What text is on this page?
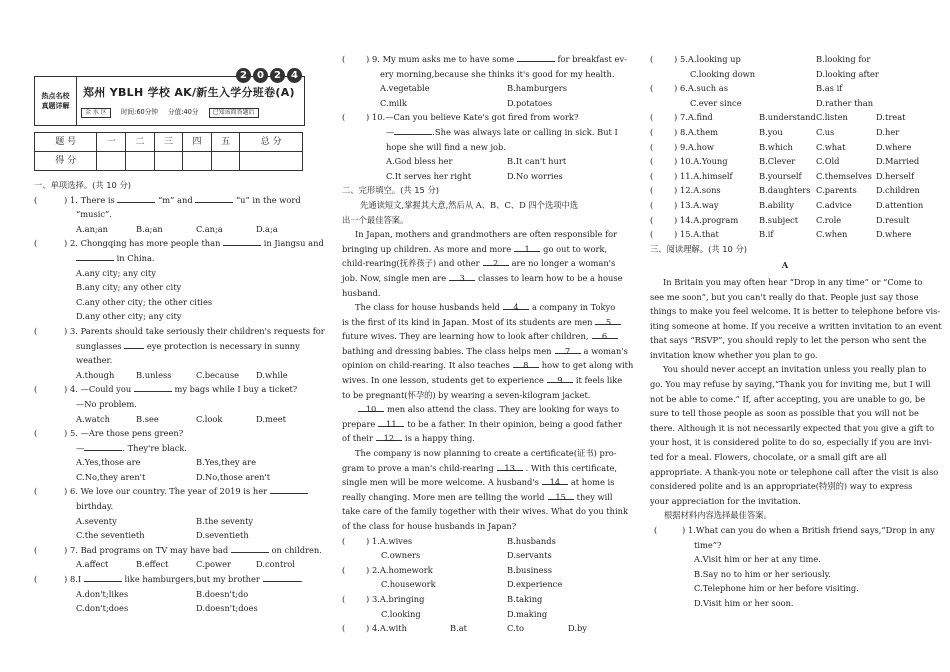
热点名校
真题详解
郑州 YBLH 学校 AK/新生入学分班卷(A)
金 水 区 时间:60分钟 分值:40分 已知该简答题后
2	0	2	4
题 号	一	二	三	四	五	总 分
得 分						
一、单项选择。(共 10 分)
(	) 1. There is	“m” and	“u” in the word
“music”.
A.an;an	B.a;an	C.an;a	D.a;a
(	) 2. Chongqing has more people than	in Jiangsu and
in China.
A.any city; any city
B.any city; any other city
C.any other city; the other cities
D.any other city; any city
(	) 3. Parents should take seriously their children's requests for
sunglasses	eye protection is necessary in sunny
weather.
A.though	B.unless	C.because D.while
(	) 4. —Could you	my bags while I buy a ticket?
—No problem.
A.watch	B.see	C.look	D.meet
(	) 5. —Are those pens green?
—	. They're black.
A.Yes,those are	B.Yes,they are
C.No,they aren't	D.No,those aren't
(	) 6. We love our country. The year of 2019 is her
birthday.
A.seventy	B.the seventy
C.the seventieth	D.seventieth
(	) 7. Bad programs on TV may have bad	on children.
A.affect	B.effect	C.power	D.control
(	) 8.I	like hamburgers,but my brother	.
A.don't;likes	B.doesn't;do
C.don't;does	D.doesn't;does
(	) 9. My mum asks me to have some	for breakfast ev-
ery morning,because she thinks it's good for my health.
A.vegetable	B.hamburgers
C.milk	D.potatoes
(	) 10.—Can you believe Kate's got fired from work?
—	.She was always late or calling in sick. But I
hope she will find a new job.
A.God bless her	B.It can't hurt
C.It serves her right	D.No worries
二、完形填空。(共 15 分)
先通读短文,掌握其大意,然后从 A、B、C、D 四个选项中选
出一个最佳答案。
In Japan, mothers and grandmothers are often responsible for
bringing up children. As more and more 1 go out to work,
child-rearing(抚养孩子) and other 2 are no longer a woman's
job. Now, single men are 3 classes to learn how to be a house
husband.
The class for house husbands held 4 a company in Tokyo
is the first of its kind in Japan. Most of its students are men 5
future wives. They are learning how to look after children, 6
bathing and dressing babies. The class helps men 7 a woman's
opinion on child-rearing. It also teaches 8 how to get along with
wives. In one lesson, students get to experience 9 it feels like
to be pregnant(怀孕的) by wearing a seven-kilogram jacket.
10 men also attend the class. They are looking for ways to
prepare 11 to be a father. In their opinion, being a good father
of their 12 is a happy thing.
The company is now planning to create a certificate(证书) pro-
gram to prove a man's child-rearing 13 . With this certificate,
single men will be more welcome. A husband's 14 at home is
really changing. More men are telling the world 15 they will
take care of the family together with their wives. What do you think
of the class for house husbands in Japan?
(	) 1.A.wives	B.husbands
C.owners	D.servants
(	) 2.A.homework	B.business
C.housework	D.experience
(	) 3.A.bringing	B.taking
C.looking	D.making
(	) 4.A.with	B.at	C.to	D.by
(	) 5.A.looking up	B.looking for
C.looking down	D.looking after
(	) 6.A.such as	B.as if
C.ever since	D.rather than
(	) 7.A.find	B.understand C.listen	D.treat
(	) 8.A.them	B.you	C.us	D.her
(	) 9.A.how	B.which	C.what	D.where
(	) 10.A.Young	B.Clever	C.Old	D.Married
(	) 11.A.himself	B.yourself C.themselves D.herself
(	) 12.A.sons	B.daughters C.parents D.children
(	) 13.A.way	B.ability	C.advice	D.attention
(	) 14.A.program	B.subject C.role	D.result
(	) 15.A.that	B.if	C.when	D.where
三、阅读理解。(共 10 分)
A
In Britain you may often hear “Drop in any time” or “Come to
see me soon”, but you can't really do that. People just say those
things to make you feel welcome. It is better to telephone before vis-
iting someone at home. If you receive a written invitation to an event
that says “RSVP”, you should reply to let the person who sent the
invitation know whether you plan to go.
You should never accept an invitation unless you really plan to
go. You may refuse by saying,“Thank you for inviting me, but I will
not be able to come.” If, after accepting, you are unable to go, be
sure to tell those people as soon as possible that you will not be
there. Although it is not necessarily expected that you give a gift to
your host, it is considered polite to do so, especially if you are invi-
ted for a meal. Flowers, chocolate, or a small gift are all
appropriate. A thank-you note or telephone call after the visit is also
considered polite and is an appropriate(特别的) way to express
your appreciation for the invitation.
根据材料内容选择最佳答案。
(	) 1.What can you do when a British friend says,“Drop in any
time”?
A.Visit him or her at any time.
B.Say no to him or her seriously.
C.Telephone him or her before visiting.
D.Visit him or her soon.
